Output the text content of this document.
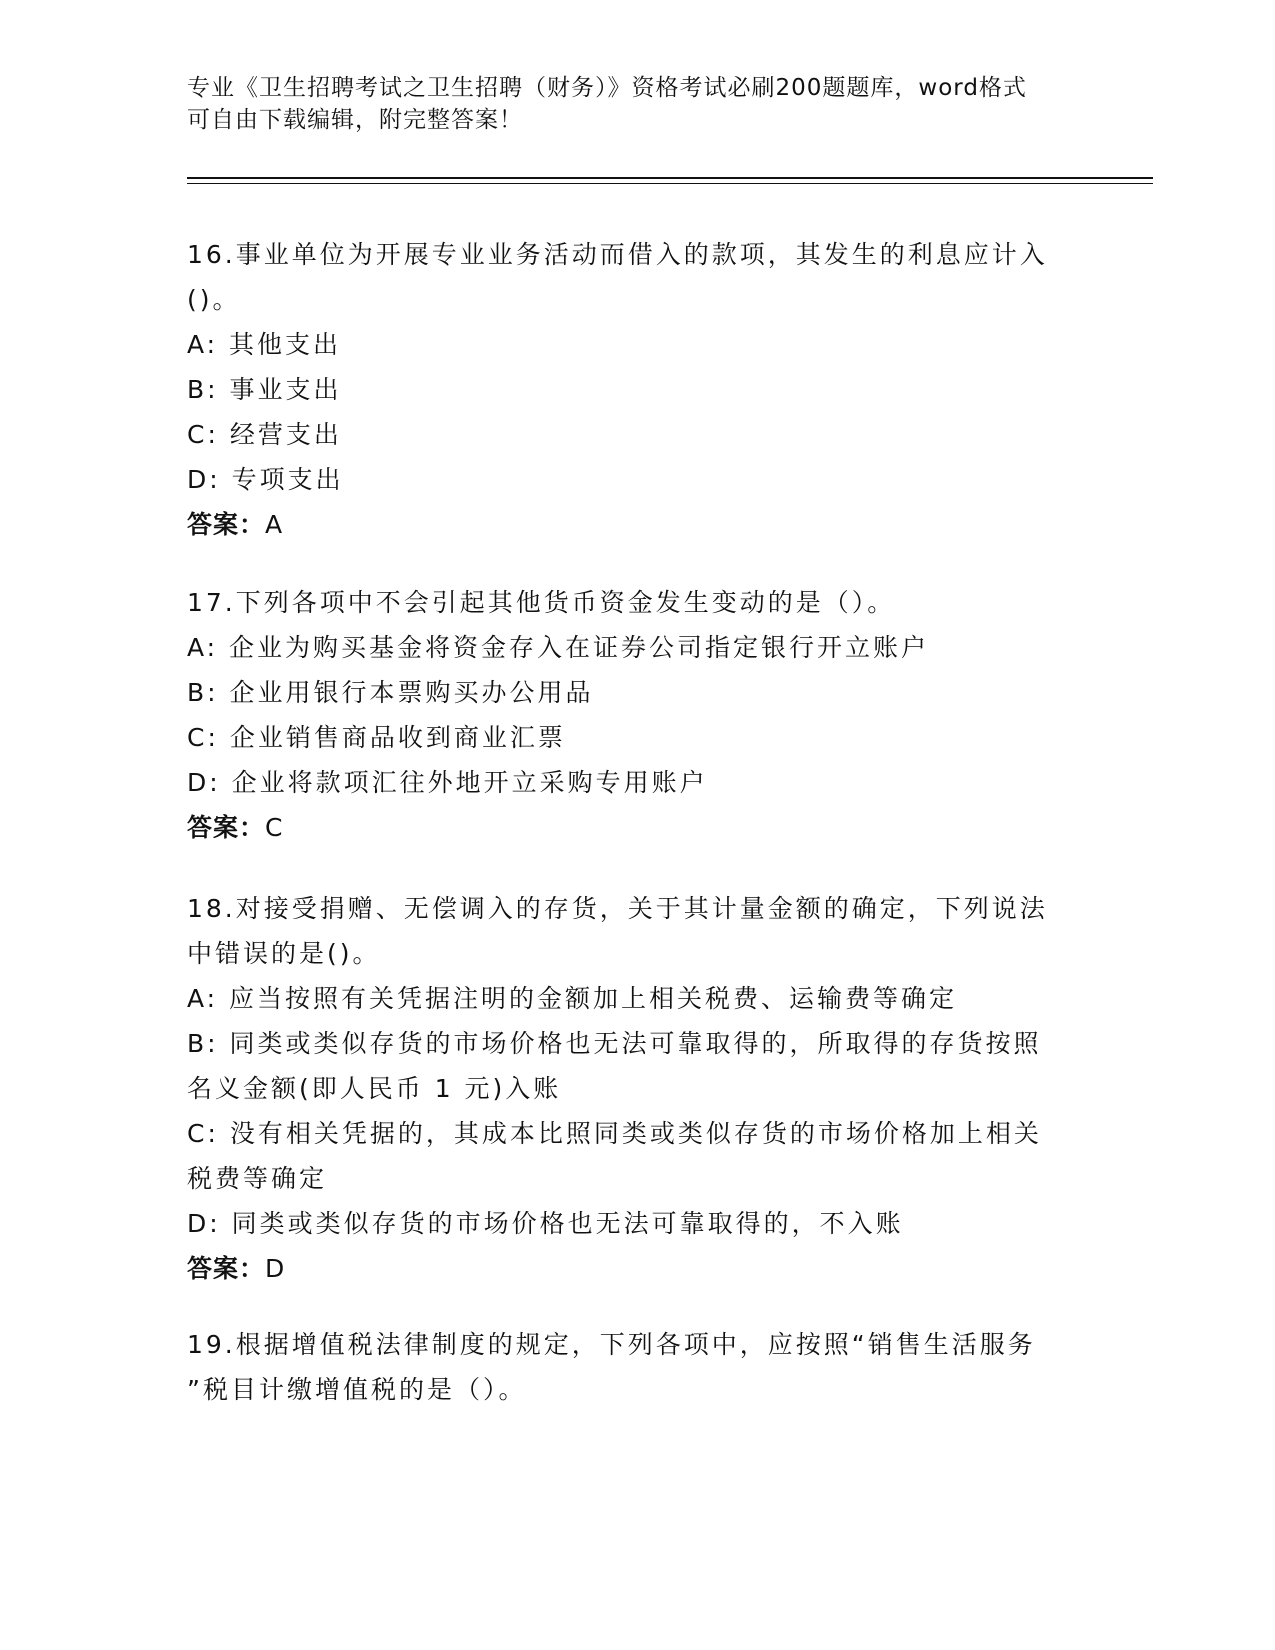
专业《卫生招聘考试之卫生招聘（财务）》资格考试必刷200题题库，word格式
可自由下载编辑，附完整答案！
16.事业单位为开展专业业务活动而借入的款项，其发生的利息应计入
()。
A: 其他支出
B: 事业支出
C: 经营支出
D: 专项支出
答案：A
17.下列各项中不会引起其他货币资金发生变动的是（）。
A: 企业为购买基金将资金存入在证券公司指定银行开立账户
B: 企业用银行本票购买办公用品
C: 企业销售商品收到商业汇票
D: 企业将款项汇往外地开立采购专用账户
答案：C
18.对接受捐赠、无偿调入的存货，关于其计量金额的确定，下列说法
中错误的是()。
A: 应当按照有关凭据注明的金额加上相关税费、运输费等确定
B: 同类或类似存货的市场价格也无法可靠取得的，所取得的存货按照
名义金额(即人民币 1 元)入账
C: 没有相关凭据的，其成本比照同类或类似存货的市场价格加上相关
税费等确定
D: 同类或类似存货的市场价格也无法可靠取得的，不入账
答案：D
19.根据增值税法律制度的规定，下列各项中，应按照“销售生活服务
”税目计缴增值税的是（）。
